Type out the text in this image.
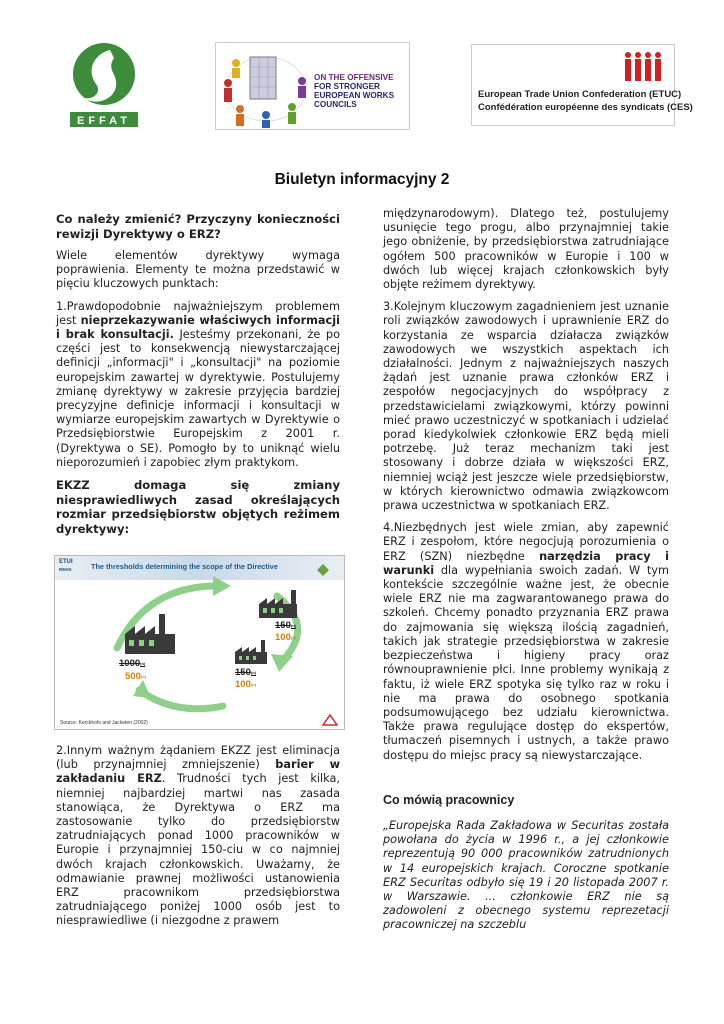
EFFAT
ON THE OFFENSIVE
FOR STRONGER
EUROPEAN WORKS
COUNCILS
European Trade Union Confederation (ETUC)
Confédération européenne des syndicats (CES)
Biuletyn informacyjny 2

Co należy zmienić? Przyczyny konieczności rewizji Dyrektywy o ERZ?

Wiele elementów dyrektywy wymaga poprawienia. Elementy te można przedstawić w pięciu kluczowych punktach:

1.Prawdopodobnie najważniejszym problemem jest nieprzekazywanie właściwych informacji i brak konsultacji. Jesteśmy przekonani, że po części jest to konsekwencją niewystarczającej definicji „informacji" i „konsultacji" na poziomie europejskim zawartej w dyrektywie. Postulujemy zmianę dyrektywy w zakresie przyjęcia bardziej precyzyjne definicje informacji i konsultacji w wymiarze europejskim zawartych w Dyrektywie o Przedsiębiorstwie Europejskim z 2001 r. (Dyrektywa o SE). Pomogło by to uniknąć wielu nieporozumień i zapobiec złym praktykom.

EKZZ domaga się zmiany niesprawiedliwych zasad określających rozmiar przedsiębiorstw objętych reżimem dyrektywy:

ETUI
REHS	The thresholds determining the scope of the Directive
150(n)
100(n)
1000(n)
500(n)	150(n)
100(n)
Source: Kerckhofs and Jacketen (2002)

2.Innym ważnym żądaniem EKZZ jest eliminacja (lub przynajmniej zmniejszenie) barier w zakładaniu ERZ. Trudności tych jest kilka, niemniej najbardziej martwi nas zasada stanowiąca, że Dyrektywa o ERZ ma zastosowanie tylko do przedsiębiorstw zatrudniających ponad 1000 pracowników w Europie i przynajmniej 150-ciu w co najmniej dwóch krajach członkowskich. Uważamy, że odmawianie prawnej możliwości ustanowienia ERZ pracownikom przedsiębiorstwa zatrudniającego poniżej 1000 osób jest to niesprawiedliwe (i niezgodne z prawem

międzynarodowym). Dlatego też, postulujemy usunięcie tego progu, albo przynajmniej takie jego obniżenie, by przedsiębiorstwa zatrudniające ogółem 500 pracowników w Europie i 100 w dwóch lub więcej krajach członkowskich były objęte reżimem dyrektywy.

3.Kolejnym kluczowym zagadnieniem jest uznanie roli związków zawodowych i uprawnienie ERZ do korzystania ze wsparcia działacza związków zawodowych we wszystkich aspektach ich działalności. Jednym z najważniejszych naszych żądań jest uznanie prawa członków ERZ i zespołów negocjacyjnych do współpracy z przedstawicielami związkowymi, którzy powinni mieć prawo uczestniczyć w spotkaniach i udzielać porad kiedykolwiek członkowie ERZ będą mieli potrzebę. Już teraz mechanizm taki jest stosowany i dobrze działa w większości ERZ, niemniej wciąż jest jeszcze wiele przedsiębiorstw, w których kierownictwo odmawia związkowcom prawa uczestnictwa w spotkaniach ERZ.

4.Niezbędnych jest wiele zmian, aby zapewnić ERZ i zespołom, które negocjują porozumienia o ERZ (SZN) niezbędne narzędzia pracy i warunki dla wypełniania swoich zadań. W tym kontekście szczególnie ważne jest, że obecnie wiele ERZ nie ma zagwarantowanego prawa do szkoleń. Chcemy ponadto przyznania ERZ prawa do zajmowania się większą ilością zagadnień, takich jak strategie przedsiębiorstwa w zakresie bezpieczeństwa i higieny pracy oraz równouprawnienie płci. Inne problemy wynikają z faktu, iż wiele ERZ spotyka się tylko raz w roku i nie ma prawa do osobnego spotkania podsumowującego bez udziału kierownictwa. Także prawa regulujące dostęp do ekspertów, tłumaczeń pisemnych i ustnych, a także prawo dostępu do miejsc pracy są niewystarczające.

Co mówią pracownicy

„Europejska Rada Zakładowa w Securitas została powołana do życia w 1996 r., a jej członkowie reprezentują 90 000 pracowników zatrudnionych w 14 europejskich krajach. Coroczne spotkanie ERZ Securitas odbyło się 19 i 20 listopada 2007 r. w Warszawie. ... członkowie ERZ nie są zadowoleni z obecnego systemu reprezetacji pracowniczej na szczeblu
